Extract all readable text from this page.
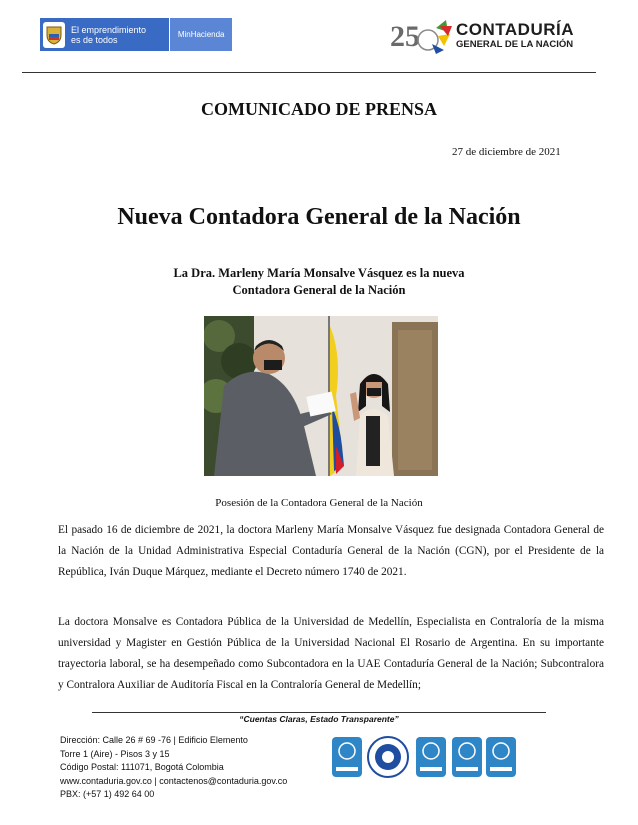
El emprendimiento
es de todos	MinHacienda	25 CONTADURÍA
GENERAL DE LA NACIÓN
COMUNICADO DE PRENSA
27 de diciembre de 2021
Nueva Contadora General de la Nación
La Dra. Marleny María Monsalve Vásquez es la nueva
Contadora General de la Nación
Posesión de la Contadora General de la Nación
El pasado 16 de diciembre de 2021, la doctora Marleny María Monsalve Vásquez fue designada Contadora General de la Nación de la Unidad Administrativa Especial Contaduría General de la Nación (CGN), por el Presidente de la República, Iván Duque Márquez, mediante el Decreto número 1740 de 2021.
La doctora Monsalve es Contadora Pública de la Universidad de Medellín, Especialista en Contraloría de la misma universidad y Magister en Gestión Pública de la Universidad Nacional El Rosario de Argentina. En su importante trayectoria laboral, se ha desempeñado como Subcontadora en la UAE Contaduría General de la Nación; Subcontralora y Contralora Auxiliar de Auditoría Fiscal en la Contraloría General de Medellín;
“Cuentas Claras, Estado Transparente”
Dirección: Calle 26 # 69 -76 | Edificio Elemento
Torre 1 (Aire) - Pisos 3 y 15
Código Postal: 111071, Bogotá Colombia
www.contaduria.gov.co | contactenos@contaduria.gov.co
PBX: (+57 1) 492 64 00
